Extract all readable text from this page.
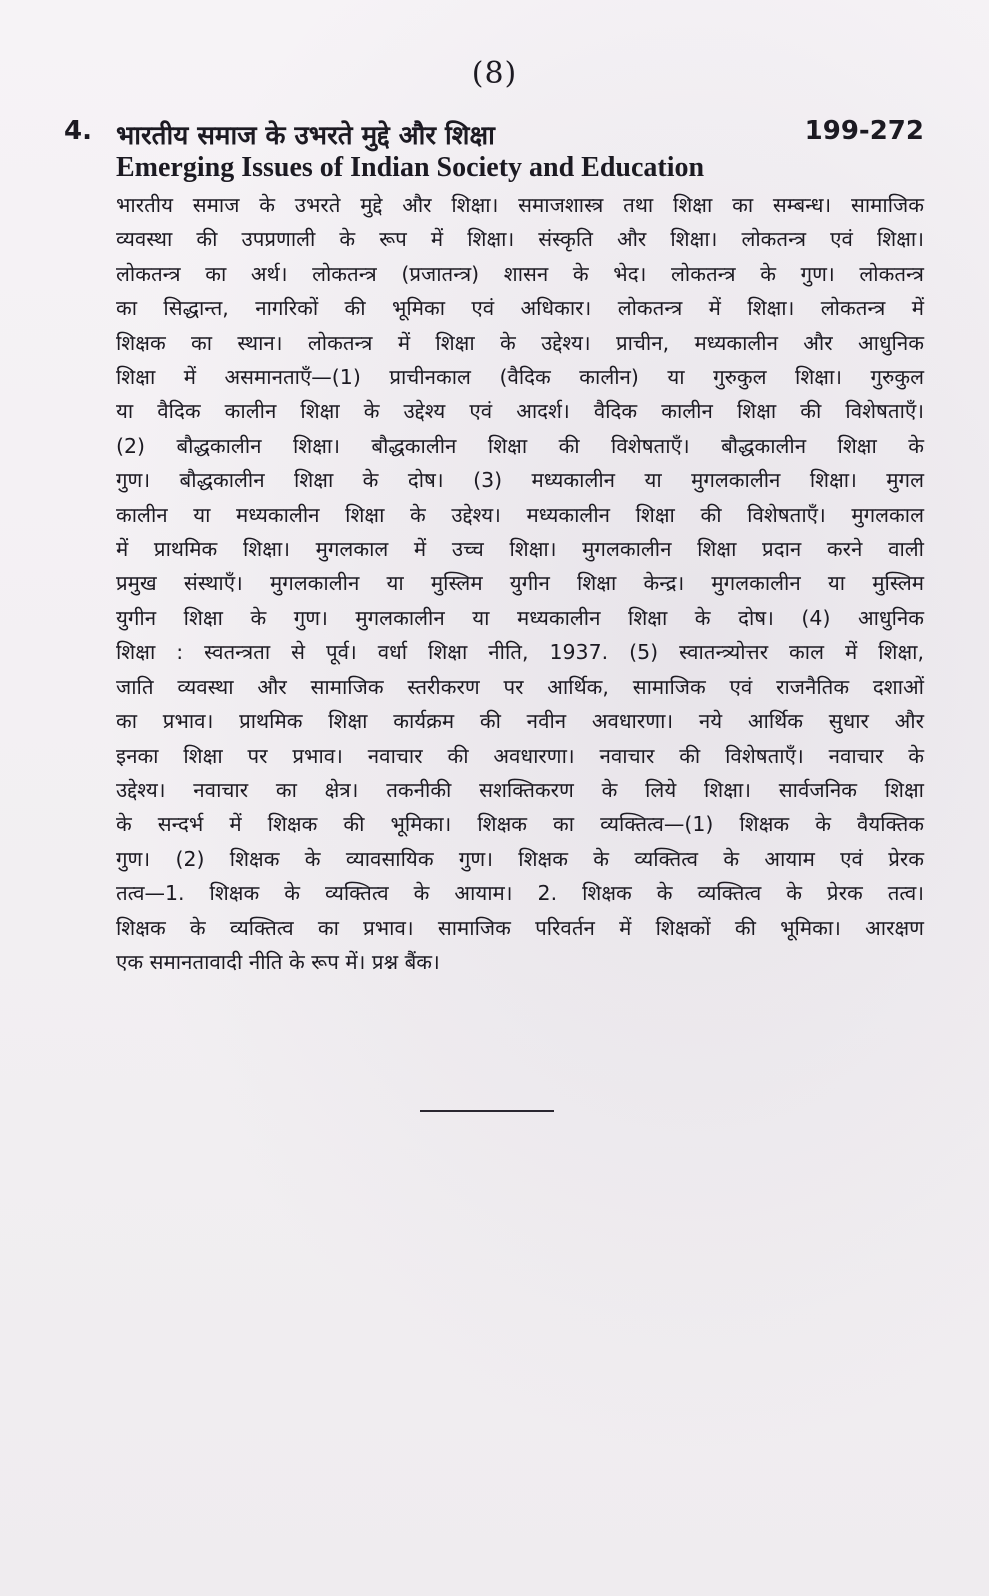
(8)
4. भारतीय समाज के उभरते मुद्दे और शिक्षा	199-272
Emerging Issues of Indian Society and Education
भारतीय समाज के उभरते मुद्दे और शिक्षा। समाजशास्त्र तथा शिक्षा का सम्बन्ध। सामाजिक
व्यवस्था की उपप्रणाली के रूप में शिक्षा। संस्कृति और शिक्षा। लोकतन्त्र एवं शिक्षा।
लोकतन्त्र का अर्थ। लोकतन्त्र (प्रजातन्त्र) शासन के भेद। लोकतन्त्र के गुण। लोकतन्त्र
का सिद्धान्त, नागरिकों की भूमिका एवं अधिकार। लोकतन्त्र में शिक्षा। लोकतन्त्र में
शिक्षक का स्थान। लोकतन्त्र में शिक्षा के उद्देश्य। प्राचीन, मध्यकालीन और आधुनिक
शिक्षा में असमानताएँ—(1) प्राचीनकाल (वैदिक कालीन) या गुरुकुल शिक्षा। गुरुकुल
या वैदिक कालीन शिक्षा के उद्देश्य एवं आदर्श। वैदिक कालीन शिक्षा की विशेषताएँ।
(2) बौद्धकालीन शिक्षा। बौद्धकालीन शिक्षा की विशेषताएँ। बौद्धकालीन शिक्षा के
गुण। बौद्धकालीन शिक्षा के दोष। (3) मध्यकालीन या मुगलकालीन शिक्षा। मुगल
कालीन या मध्यकालीन शिक्षा के उद्देश्य। मध्यकालीन शिक्षा की विशेषताएँ। मुगलकाल
में प्राथमिक शिक्षा। मुगलकाल में उच्च शिक्षा। मुगलकालीन शिक्षा प्रदान करने वाली
प्रमुख संस्थाएँ। मुगलकालीन या मुस्लिम युगीन शिक्षा केन्द्र। मुगलकालीन या मुस्लिम
युगीन शिक्षा के गुण। मुगलकालीन या मध्यकालीन शिक्षा के दोष। (4) आधुनिक
शिक्षा : स्वतन्त्रता से पूर्व। वर्धा शिक्षा नीति, 1937. (5) स्वातन्त्र्योत्तर काल में शिक्षा,
जाति व्यवस्था और सामाजिक स्तरीकरण पर आर्थिक, सामाजिक एवं राजनैतिक दशाओं
का प्रभाव। प्राथमिक शिक्षा कार्यक्रम की नवीन अवधारणा। नये आर्थिक सुधार और
इनका शिक्षा पर प्रभाव। नवाचार की अवधारणा। नवाचार की विशेषताएँ। नवाचार के
उद्देश्य। नवाचार का क्षेत्र। तकनीकी सशक्तिकरण के लिये शिक्षा। सार्वजनिक शिक्षा
के सन्दर्भ में शिक्षक की भूमिका। शिक्षक का व्यक्तित्व—(1) शिक्षक के वैयक्तिक
गुण। (2) शिक्षक के व्यावसायिक गुण। शिक्षक के व्यक्तित्व के आयाम एवं प्रेरक
तत्व—1. शिक्षक के व्यक्तित्व के आयाम। 2. शिक्षक के व्यक्तित्व के प्रेरक तत्व।
शिक्षक के व्यक्तित्व का प्रभाव। सामाजिक परिवर्तन में शिक्षकों की भूमिका। आरक्षण
एक समानतावादी नीति के रूप में। प्रश्न बैंक।
